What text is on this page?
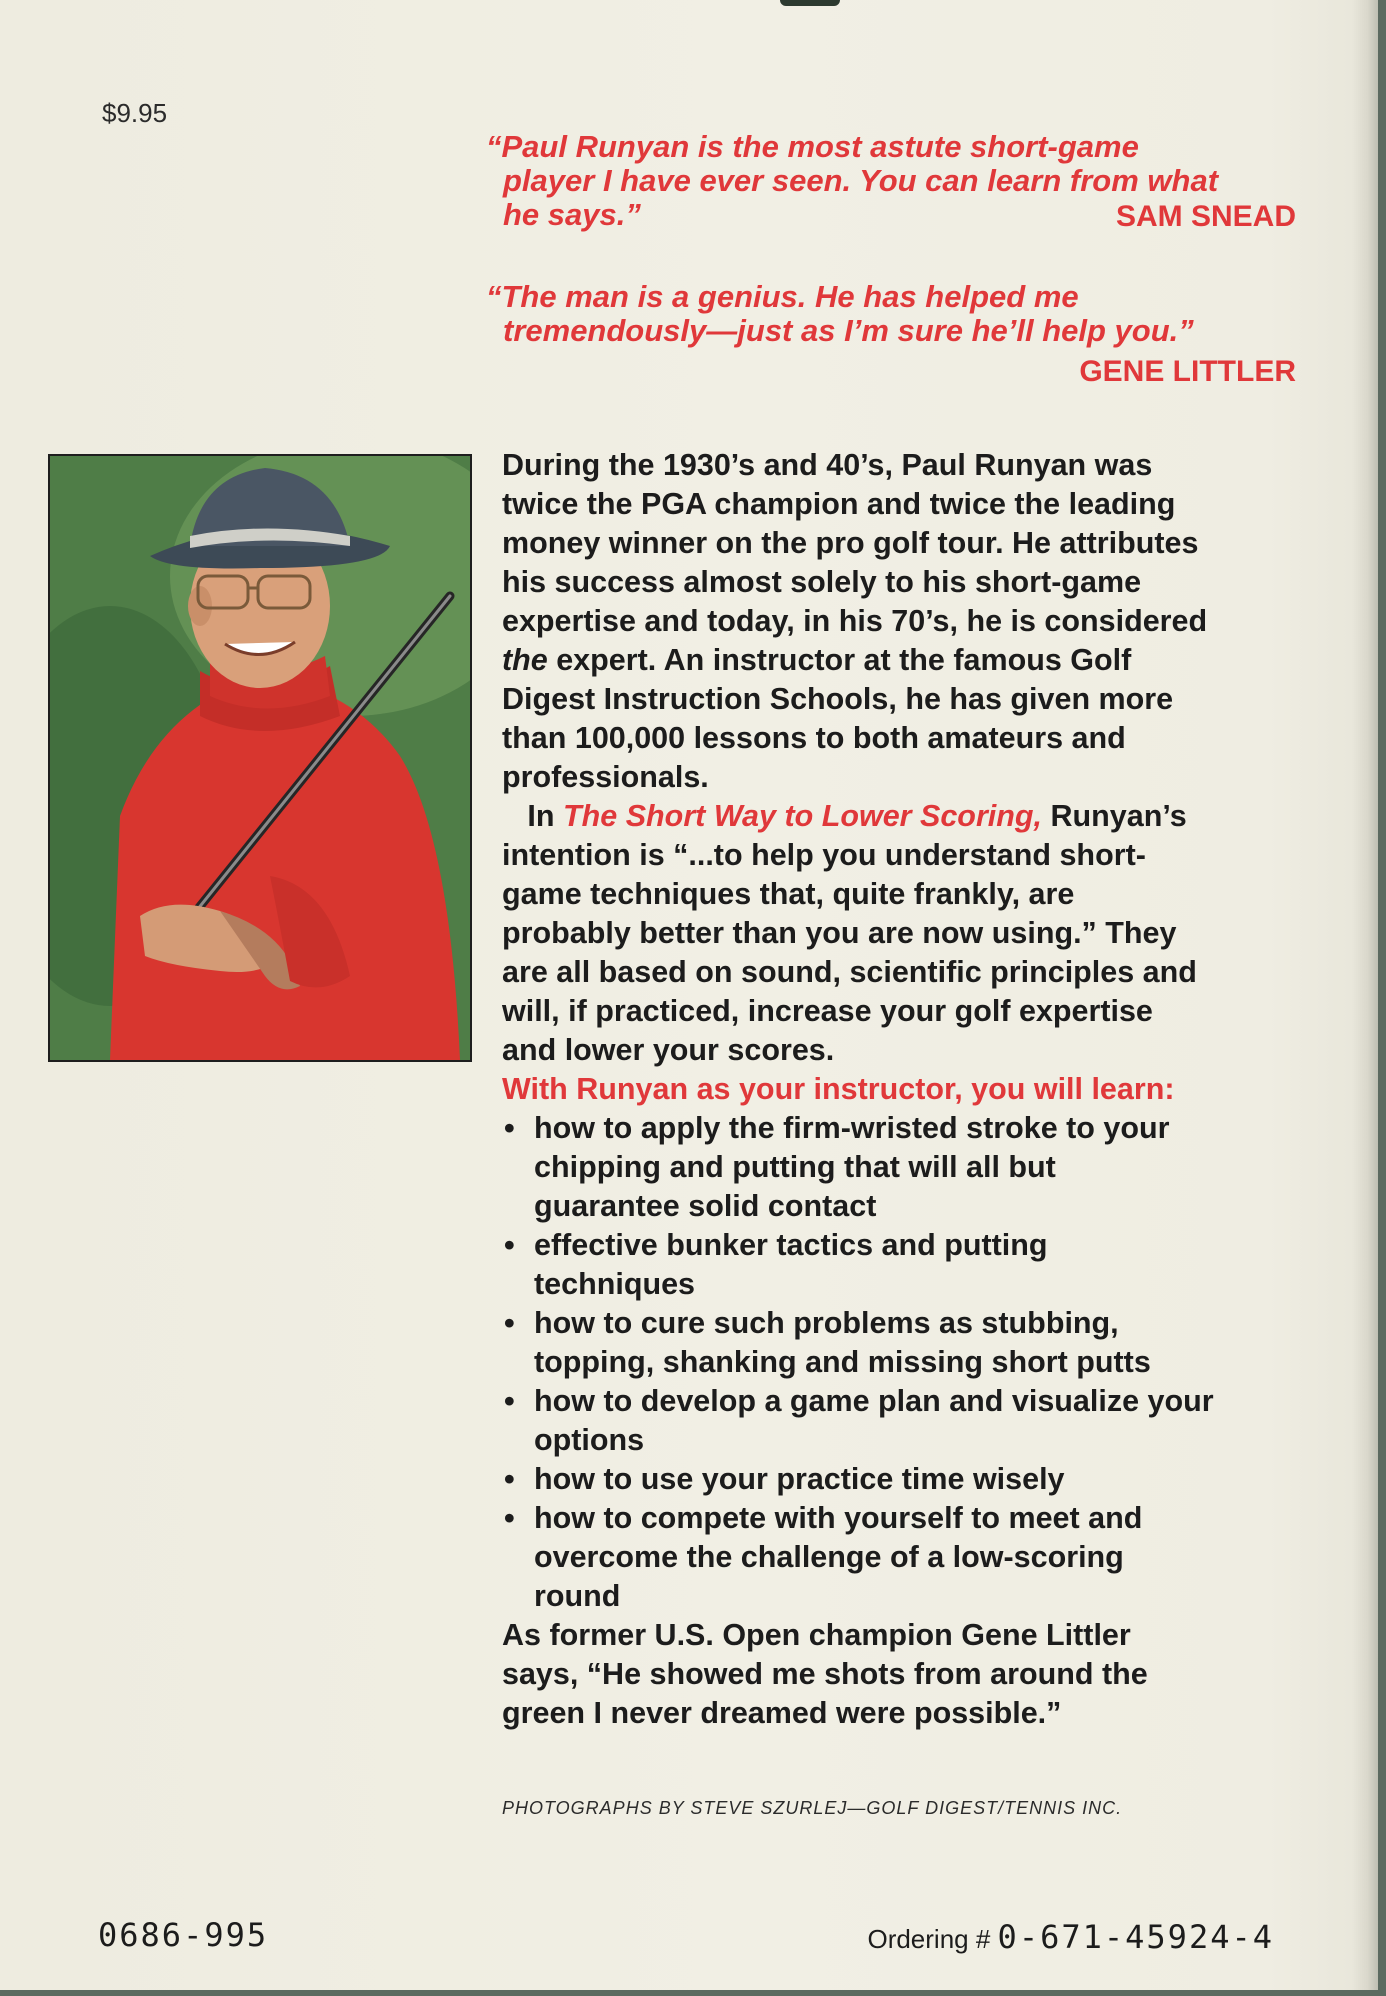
$9.95
“Paul Runyan is the most astute short-game
player I have ever seen. You can learn from what
he says.”	SAM SNEAD
“The man is a genius. He has helped me
tremendously—just as I’m sure he’ll help you.”
GENE LITTLER

During the 1930’s and 40’s, Paul Runyan was
twice the PGA champion and twice the leading
money winner on the pro golf tour. He attributes
his success almost solely to his short-game
expertise and today, in his 70’s, he is considered
the expert. An instructor at the famous Golf
Digest Instruction Schools, he has given more
than 100,000 lessons to both amateurs and
professionals.

In The Short Way to Lower Scoring, Runyan’s
intention is “...to help you understand short-
game techniques that, quite frankly, are
probably better than you are now using.” They
are all based on sound, scientific principles and
will, if practiced, increase your golf expertise
and lower your scores.

With Runyan as your instructor, you will learn:

• how to apply the firm-wristed stroke to your
chipping and putting that will all but
guarantee solid contact
• effective bunker tactics and putting
techniques
• how to cure such problems as stubbing,
topping, shanking and missing short putts
• how to develop a game plan and visualize your
options
• how to use your practice time wisely
• how to compete with yourself to meet and
overcome the challenge of a low-scoring
round

As former U.S. Open champion Gene Littler
says, “He showed me shots from around the
green I never dreamed were possible.”

PHOTOGRAPHS BY STEVE SZURLEJ—GOLF DIGEST/TENNIS INC.
0686-995	Ordering # 0-671-45924-4
